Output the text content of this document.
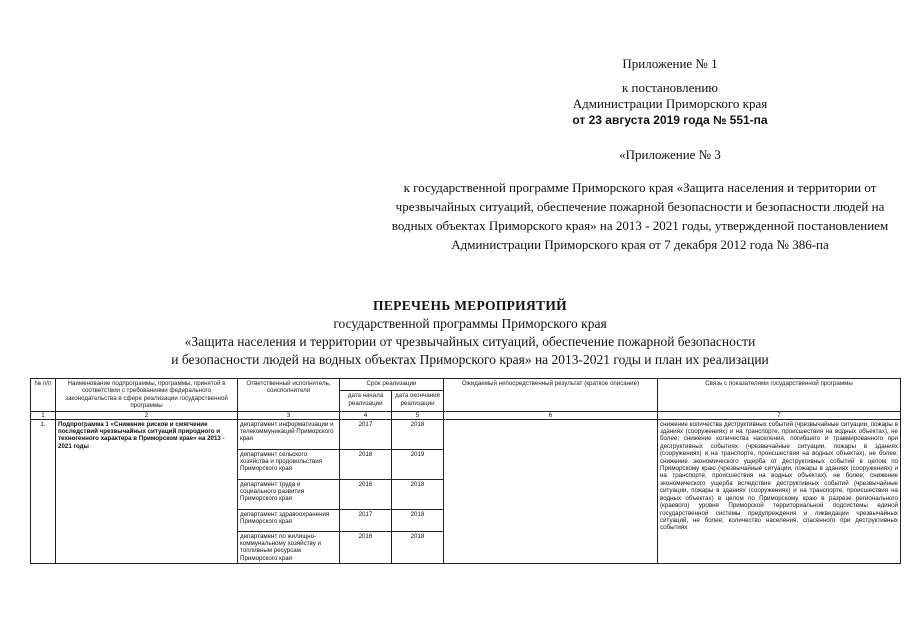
Приложение № 1
к постановлению
Администрации Приморского края
от 23 августа 2019 года № 551-па
«Приложение № 3
к государственной программе Приморского края «Защита населения и территории от чрезвычайных ситуаций, обеспечение пожарной безопасности и безопасности людей на водных объектах Приморского края» на 2013 - 2021 годы, утвержденной постановлением Администрации Приморского края от 7 декабря 2012 года № 386-па
ПЕРЕЧЕНЬ МЕРОПРИЯТИЙ
государственной программы Приморского края
«Защита населения и территории от чрезвычайных ситуаций, обеспечение пожарной безопасности
и безопасности людей на водных объектах Приморского края» на 2013-2021 годы и план их реализации
№ п/п	Наименование подпрограммы, программы, принятой в соответствии с требованиями федерального законодательства в сфере реализации государственной программы	Ответственный исполнитель, соисполнители	Срок реализации		Ожидаемый непосредственный результат (краткое описание)	Связь с показателями государственной программы
			дата начала реализации	дата окончания реализации		
1	2	3	4	5	6	7
1.	Подпрограмма 1 «Снижение рисков и смягчение последствий чрезвычайных ситуаций природного и техногенного характера в Приморском крае» на 2013 - 2021 годы	департамент информатизации и телекоммуникаций Приморского края	2017	2018		снижение количества деструктивных событий (чрезвычайные ситуации, пожары в зданиях (сооружениях) и на транспорте, происшествия на водных объектах), не более; снижение количества населения, погибшего и травмированного при деструктивных событиях (чрезвычайные ситуации, пожары в зданиях (сооружениях) и на транспорте, происшествия на водных объектах), не более; снижение экономического ущерба от деструктивных событий в целом по Приморскому краю (чрезвычайные ситуации, пожары в зданиях (сооружениях) и на транспорте, происшествия на водных объектах), не более; снижение экономического ущерба вследствие деструктивных событий (чрезвычайные ситуации, пожары в зданиях (сооружениях) и на транспорте, происшествия на водных объектах) в целом по Приморскому краю в разрезе регионального (краевого) уровня Приморской территориальной подсистемы единой государственной системы предупреждения и ликвидации чрезвычайных ситуаций, не более; количество населения, спасенного при деструктивных событиях
		департамент сельского хозяйства и продовольствия Приморского края	2016	2019		
		департамент труда и социального развития Приморского края	2016	2018		
		департамент здравоохранения Приморского края	2017	2018		
		департамент по жилищно-коммунальному хозяйству и топливным ресурсам Приморского края	2016	2018		
